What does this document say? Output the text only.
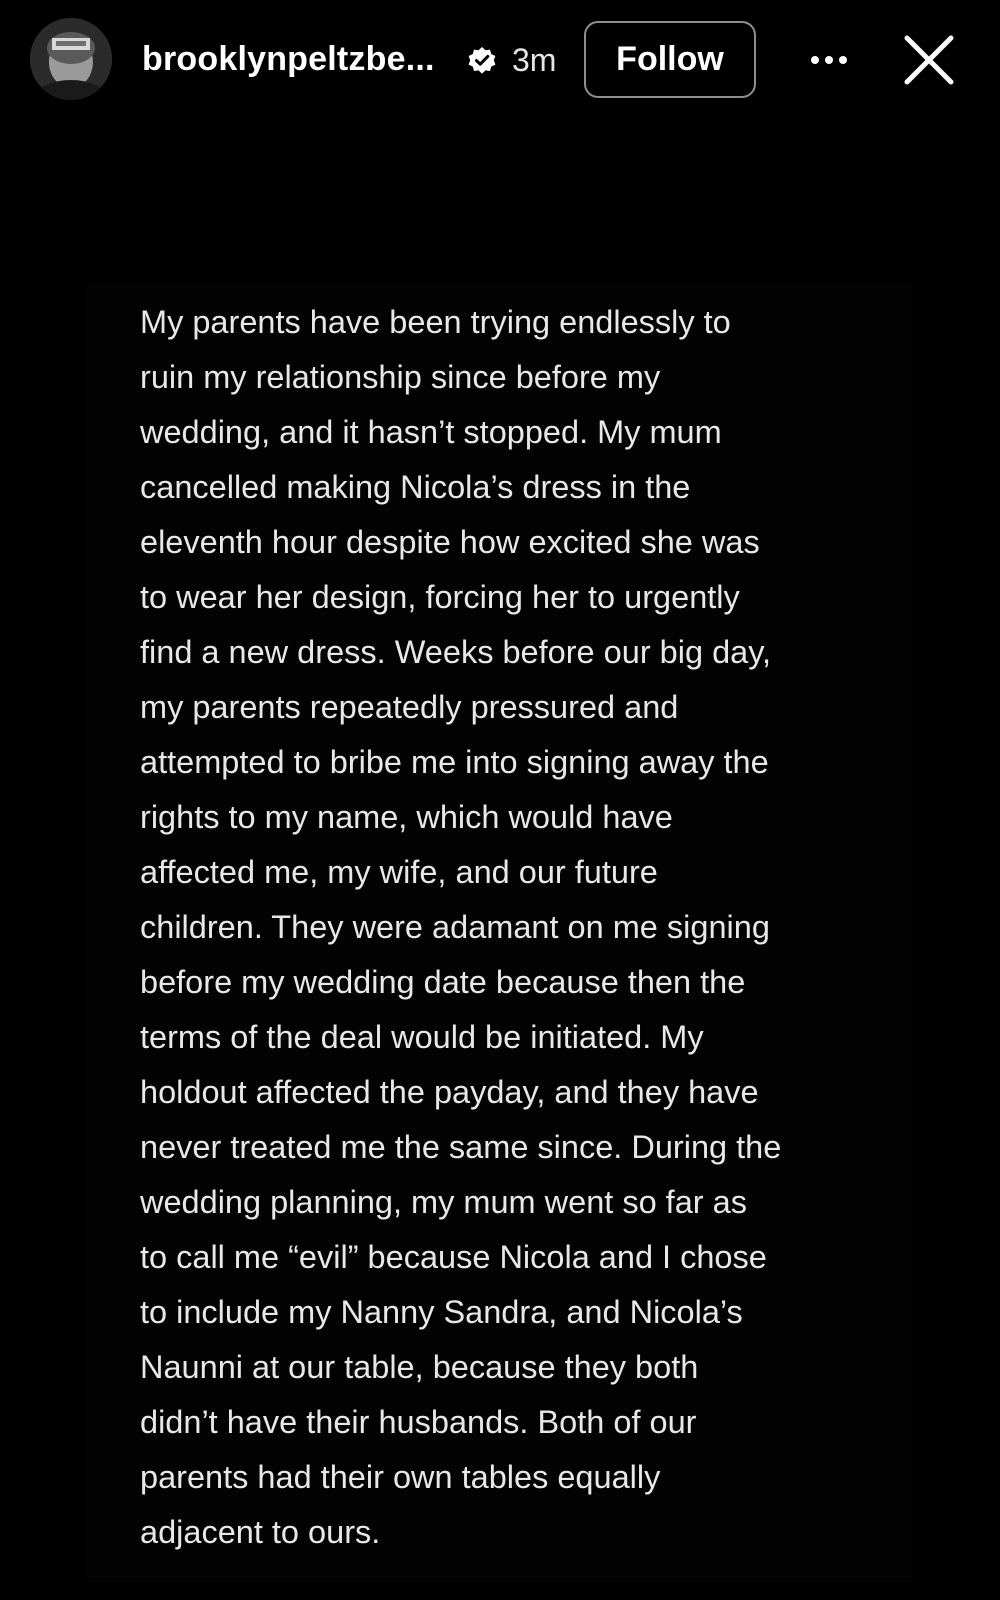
brooklynpeltzbe... 3m	Follow

My parents have been trying endlessly to
ruin my relationship since before my
wedding, and it hasn’t stopped. My mum
cancelled making Nicola’s dress in the
eleventh hour despite how excited she was
to wear her design, forcing her to urgently
find a new dress. Weeks before our big day,
my parents repeatedly pressured and
attempted to bribe me into signing away the
rights to my name, which would have
affected me, my wife, and our future
children. They were adamant on me signing
before my wedding date because then the
terms of the deal would be initiated. My
holdout affected the payday, and they have
never treated me the same since. During the
wedding planning, my mum went so far as
to call me “evil” because Nicola and I chose
to include my Nanny Sandra, and Nicola’s
Naunni at our table, because they both
didn’t have their husbands. Both of our
parents had their own tables equally
adjacent to ours.
